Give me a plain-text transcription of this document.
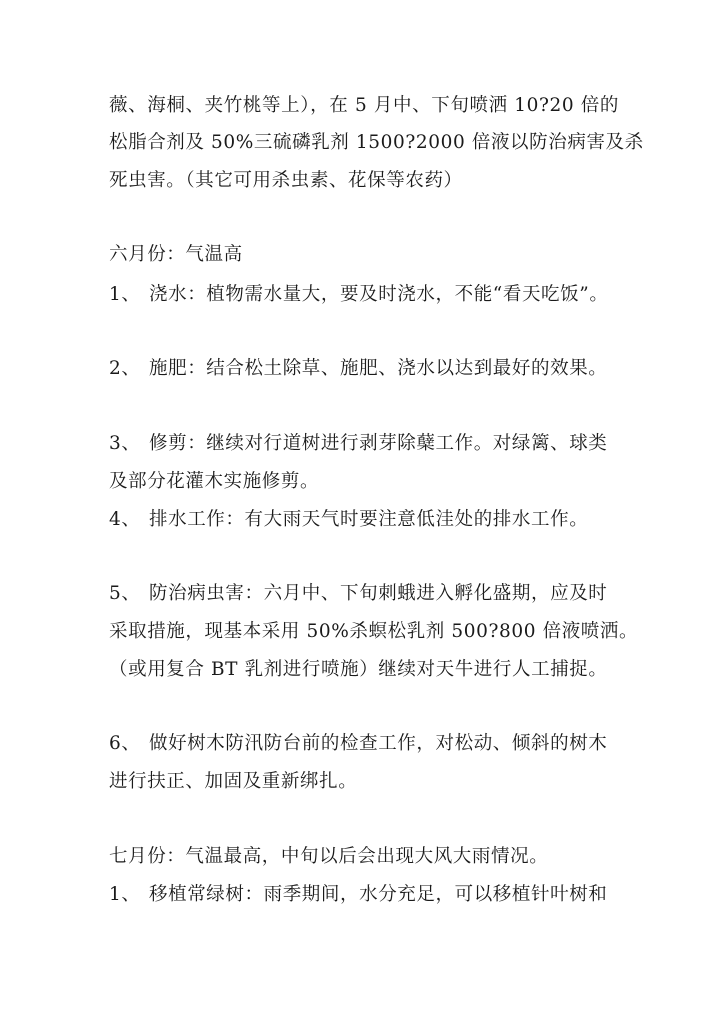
薇、海桐、夹竹桃等上），在 5 月中、下旬喷洒 10?20 倍的
松脂合剂及 50%三硫磷乳剂 1500?2000 倍液以防治病害及杀
死虫害。（其它可用杀虫素、花保等农药）
六月份：气温高
1、 浇水：植物需水量大，要及时浇水，不能“看天吃饭”。
2、 施肥：结合松土除草、施肥、浇水以达到最好的效果。
3、 修剪：继续对行道树进行剥芽除蘖工作。对绿篱、球类
及部分花灌木实施修剪。
4、 排水工作：有大雨天气时要注意低洼处的排水工作。
5、 防治病虫害：六月中、下旬刺蛾进入孵化盛期，应及时
采取措施，现基本采用 50%杀螟松乳剂 500?800 倍液喷洒。
（或用复合 BT 乳剂进行喷施）继续对天牛进行人工捕捉。
6、 做好树木防汛防台前的检查工作，对松动、倾斜的树木
进行扶正、加固及重新绑扎。
七月份：气温最高，中旬以后会出现大风大雨情况。
1、 移植常绿树：雨季期间，水分充足，可以移植针叶树和
